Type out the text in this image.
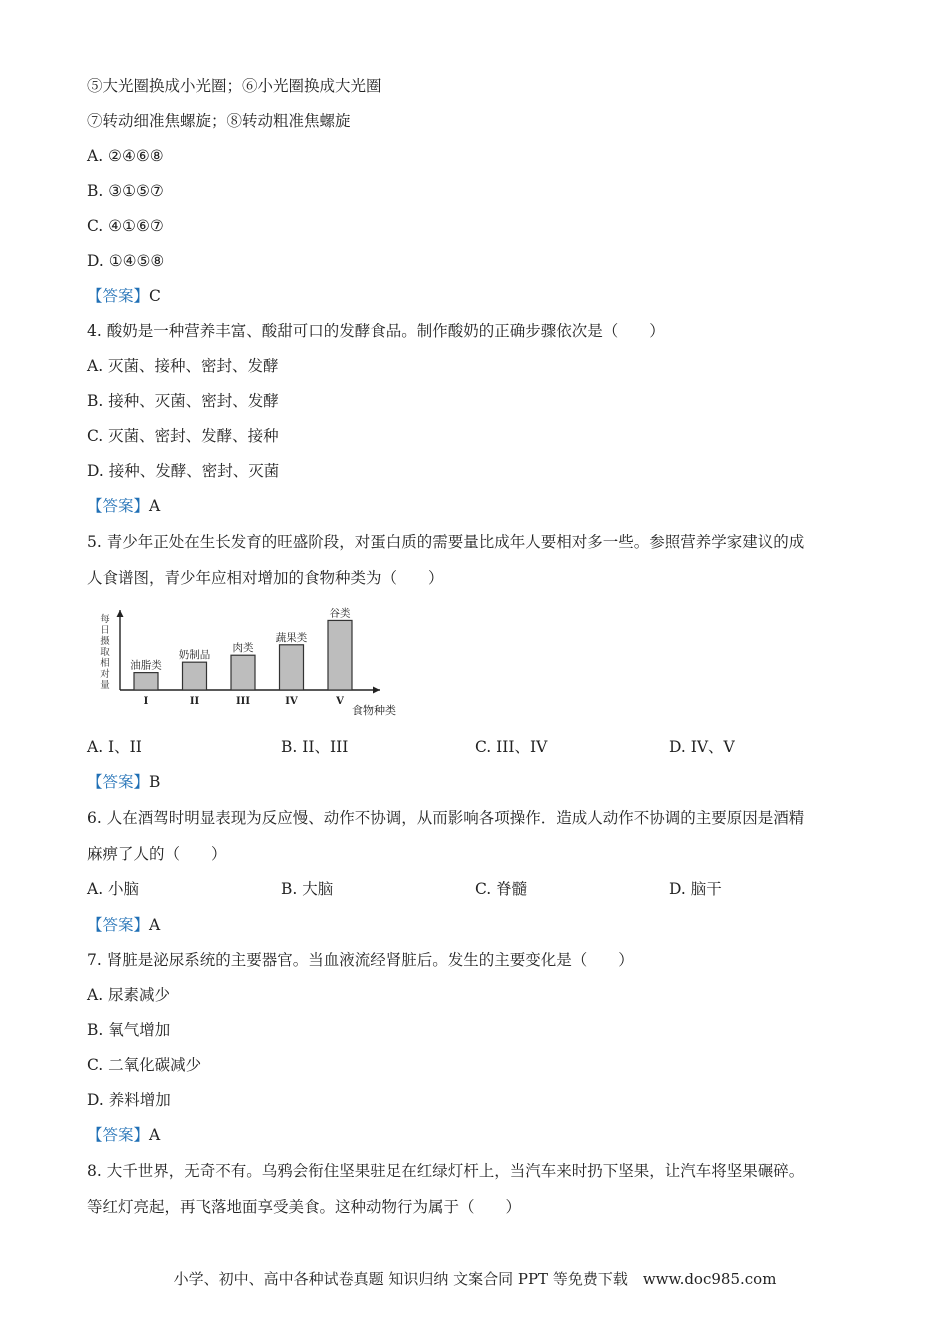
⑤大光圈换成小光圈；⑥小光圈换成大光圈
⑦转动细准焦螺旋；⑧转动粗准焦螺旋
A. ②④⑥⑧
B. ③①⑤⑦
C. ④①⑥⑦
D. ①④⑤⑧
【答案】C
4. 酸奶是一种营养丰富、酸甜可口的发酵食品。制作酸奶的正确步骤依次是（　　）
A. 灭菌、接种、密封、发酵
B. 接种、灭菌、密封、发酵
C. 灭菌、密封、发酵、接种
D. 接种、发酵、密封、灭菌
【答案】A
5. 青少年正处在生长发育的旺盛阶段，对蛋白质的需要量比成年人要相对多一些。参照营养学家建议的成
人食谱图，青少年应相对增加的食物种类为（　　）
每日摄取相对量
油脂类
I
奶制品
II
肉类
III
蔬果类
IV
谷类
V
食物种类
A. I、II	B. II、III	C. III、IV	D. IV、V
【答案】B
6. 人在酒驾时明显表现为反应慢、动作不协调，从而影响各项操作．造成人动作不协调的主要原因是酒精
麻痹了人的（　　）
A. 小脑	B. 大脑	C. 脊髓	D. 脑干
【答案】A
7. 肾脏是泌尿系统的主要器官。当血液流经肾脏后。发生的主要变化是（　　）
A. 尿素减少
B. 氧气增加
C. 二氧化碳减少
D. 养料增加
【答案】A
8. 大千世界，无奇不有。乌鸦会衔住坚果驻足在红绿灯杆上，当汽车来时扔下坚果，让汽车将坚果碾碎。
等红灯亮起，再飞落地面享受美食。这种动物行为属于（　　）
小学、初中、高中各种试卷真题 知识归纳 文案合同 PPT 等免费下载　www.doc985.com
